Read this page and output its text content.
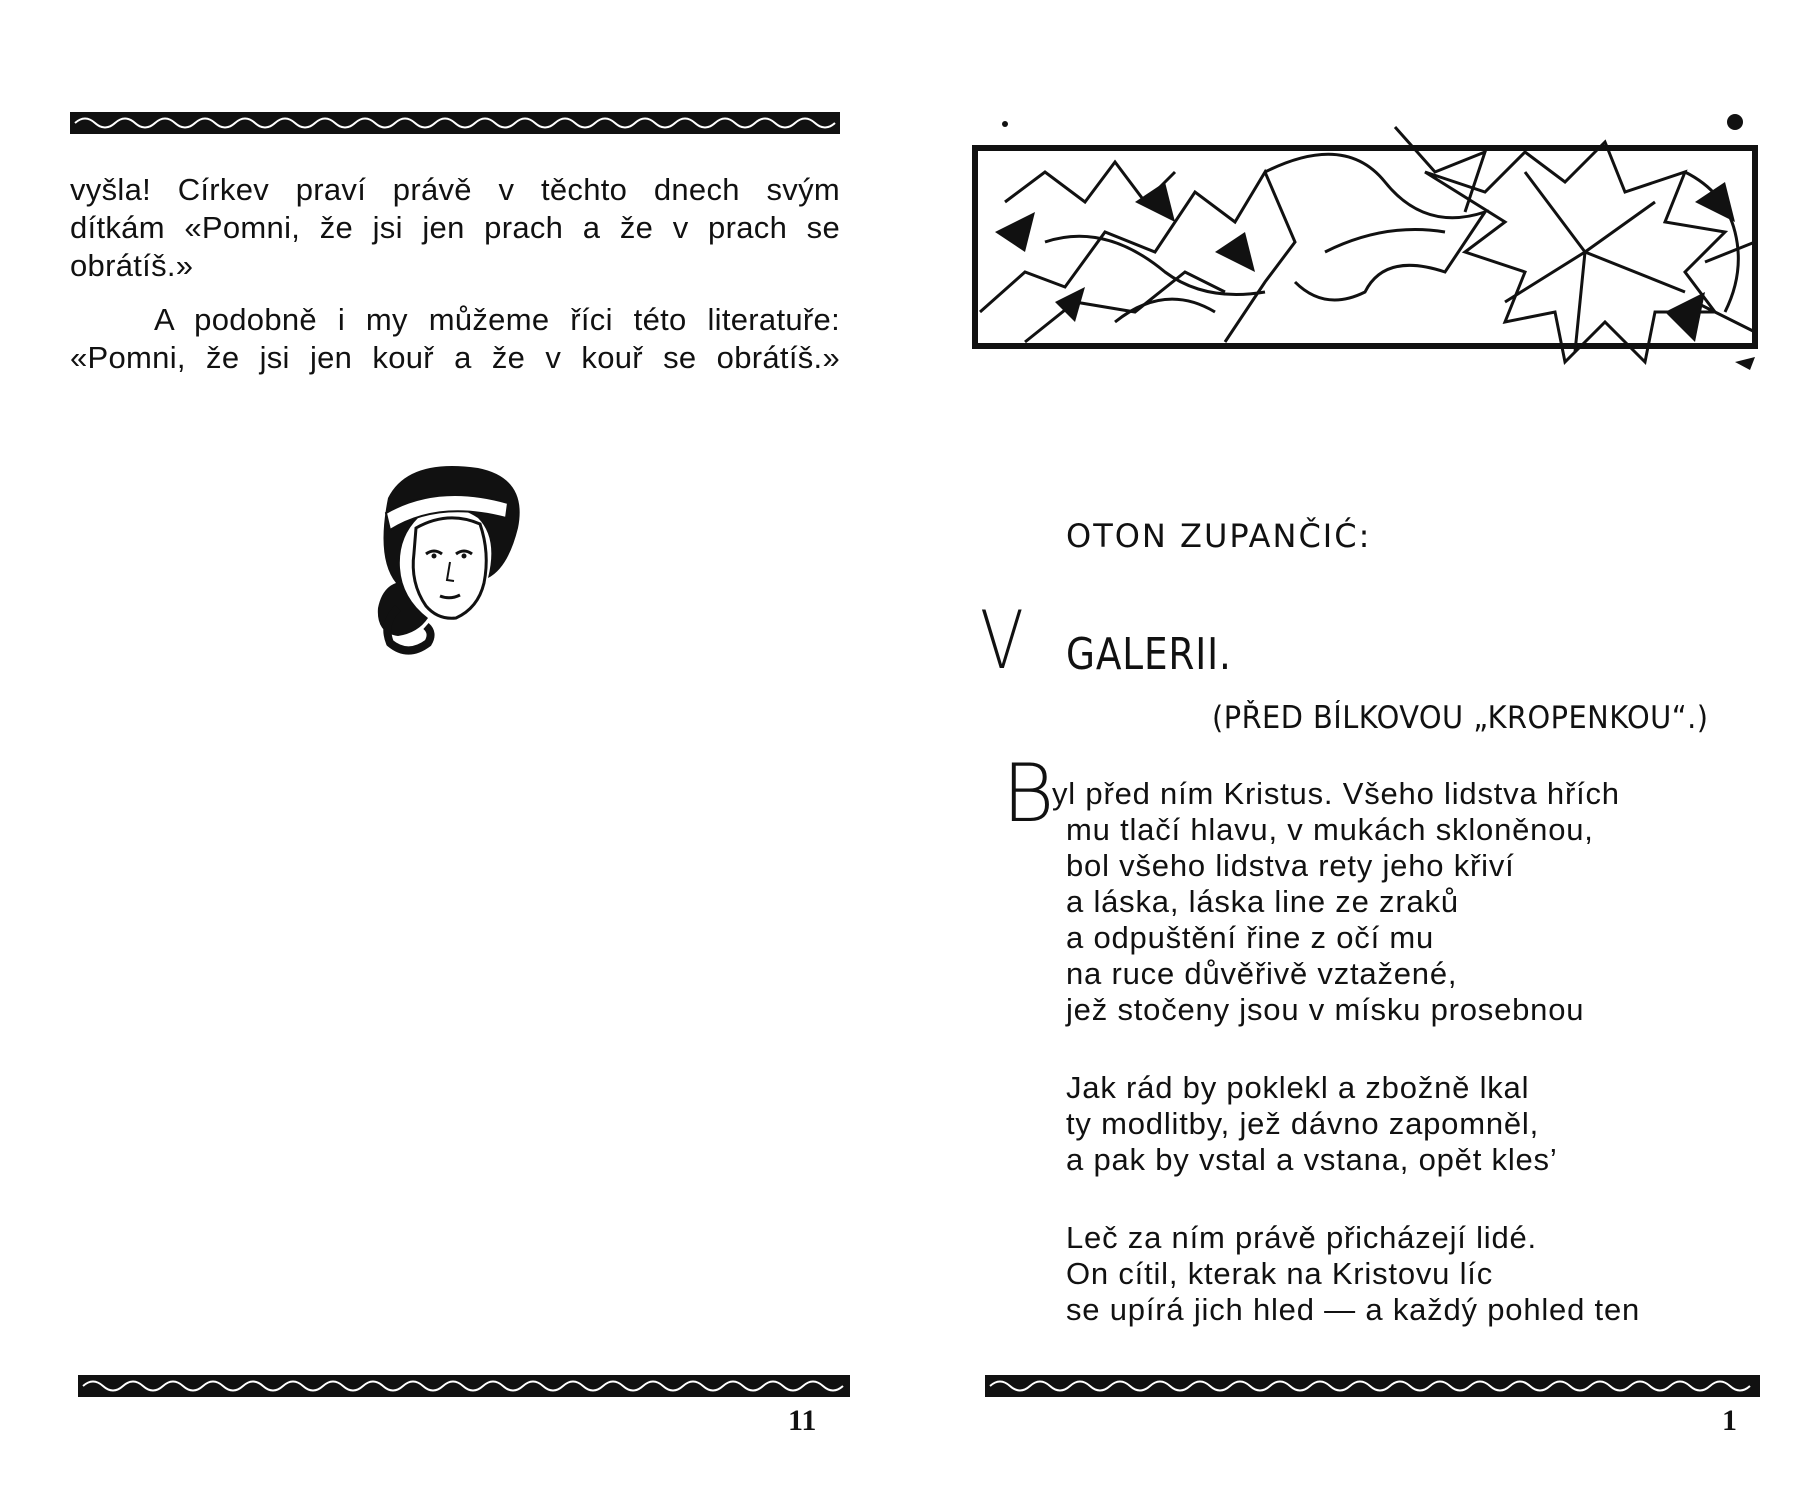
vyšla! Církev praví právě v těchto dnech svým
dítkám «Pomni, že jsi jen prach a že v prach se
obrátíš.»
A podobně i my můžeme říci této literatuře:
«Pomni, že jsi jen kouř a že v kouř se obrátíš.»
11
OTON ZUPANČIĆ:
V GALERII.
(PŘED BÍLKOVOU „KROPENKOU“.)
B
yl před ním Kristus. Všeho lidstva hřích
mu tlačí hlavu, v mukách skloněnou,
bol všeho lidstva rety jeho křiví
a láska, láska line ze zraků
a odpuštění řine z očí mu
na ruce důvěřivě vztažené,
jež stočeny jsou v mísku prosebnou
Jak rád by poklekl a zbožně lkal
ty modlitby, jež dávno zapomněl,
a pak by vstal a vstana, opět kles’
Leč za ním právě přicházejí lidé.
On cítil, kterak na Kristovu líc
se upírá jich hled — a každý pohled ten
1
